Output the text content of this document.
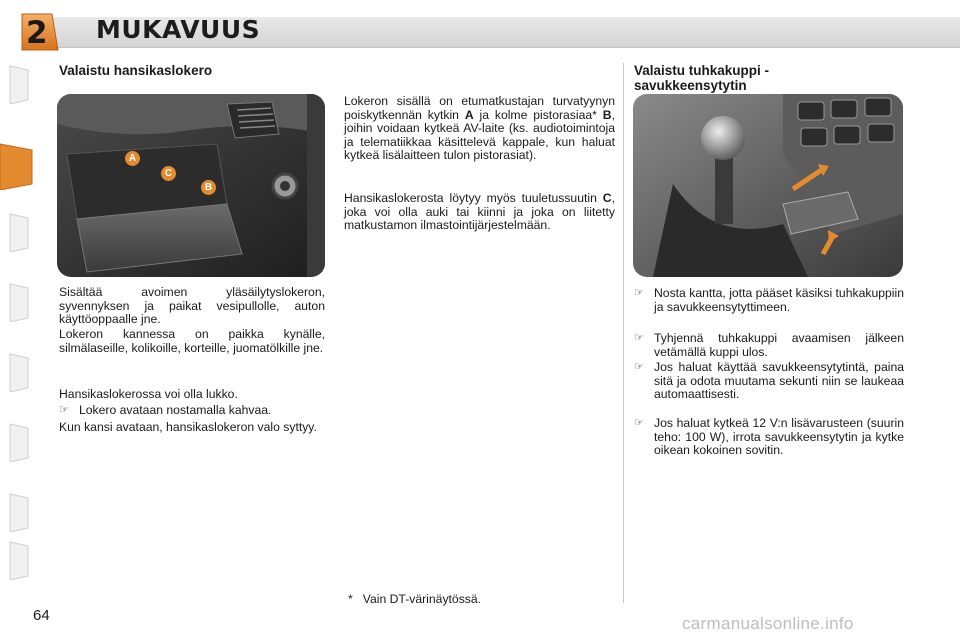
2 MUKAVUUS
Valaistu hansikaslokero
A
C
B

Sisältää avoimen yläsäilytyslokeron, syvennyksen ja paikat vesipullolle, auton käyttöoppaalle jne.

Lokeron kannessa on paikka kynälle, silmälaseille, kolikoille, korteille, juomatölkille jne.

Hansikaslokerossa voi olla lukko.

☞ Lokero avataan nostamalla kahvaa.

Kun kansi avataan, hansikaslokeron valo syttyy.

Lokeron sisällä on etumatkustajan turvatyynyn poiskytkennän kytkin A ja kolme pistorasiaa* B, joihin voidaan kytkeä AV-laite (ks. audiotoimintoja ja telematiikkaa käsittelevä kappale, kun haluat kytkeä lisälaitteen tulon pistorasiat).

Hansikaslokerosta löytyy myös tuuletussuutin C, joka voi olla auki tai kiinni ja joka on liitetty matkustamon ilmastointijärjestelmään.

Valaistu tuhkakuppi -
savukkeensytytin

☞ Nosta kantta, jotta pääset käsiksi tuhkakuppiin ja savukkeensytyttimeen.

☞ Tyhjennä tuhkakuppi avaamisen jälkeen vetämällä kuppi ulos.

☞ Jos haluat käyttää savukkeensytytintä, paina sitä ja odota muutama sekunti niin se laukeaa automaattisesti.

☞ Jos haluat kytkeä 12 V:n lisävarusteen (suurin teho: 100 W), irrota savukkeensytytin ja kytke oikean kokoinen sovitin.

* Vain DT-värinäytössä.
64	carmanualsonline.info
